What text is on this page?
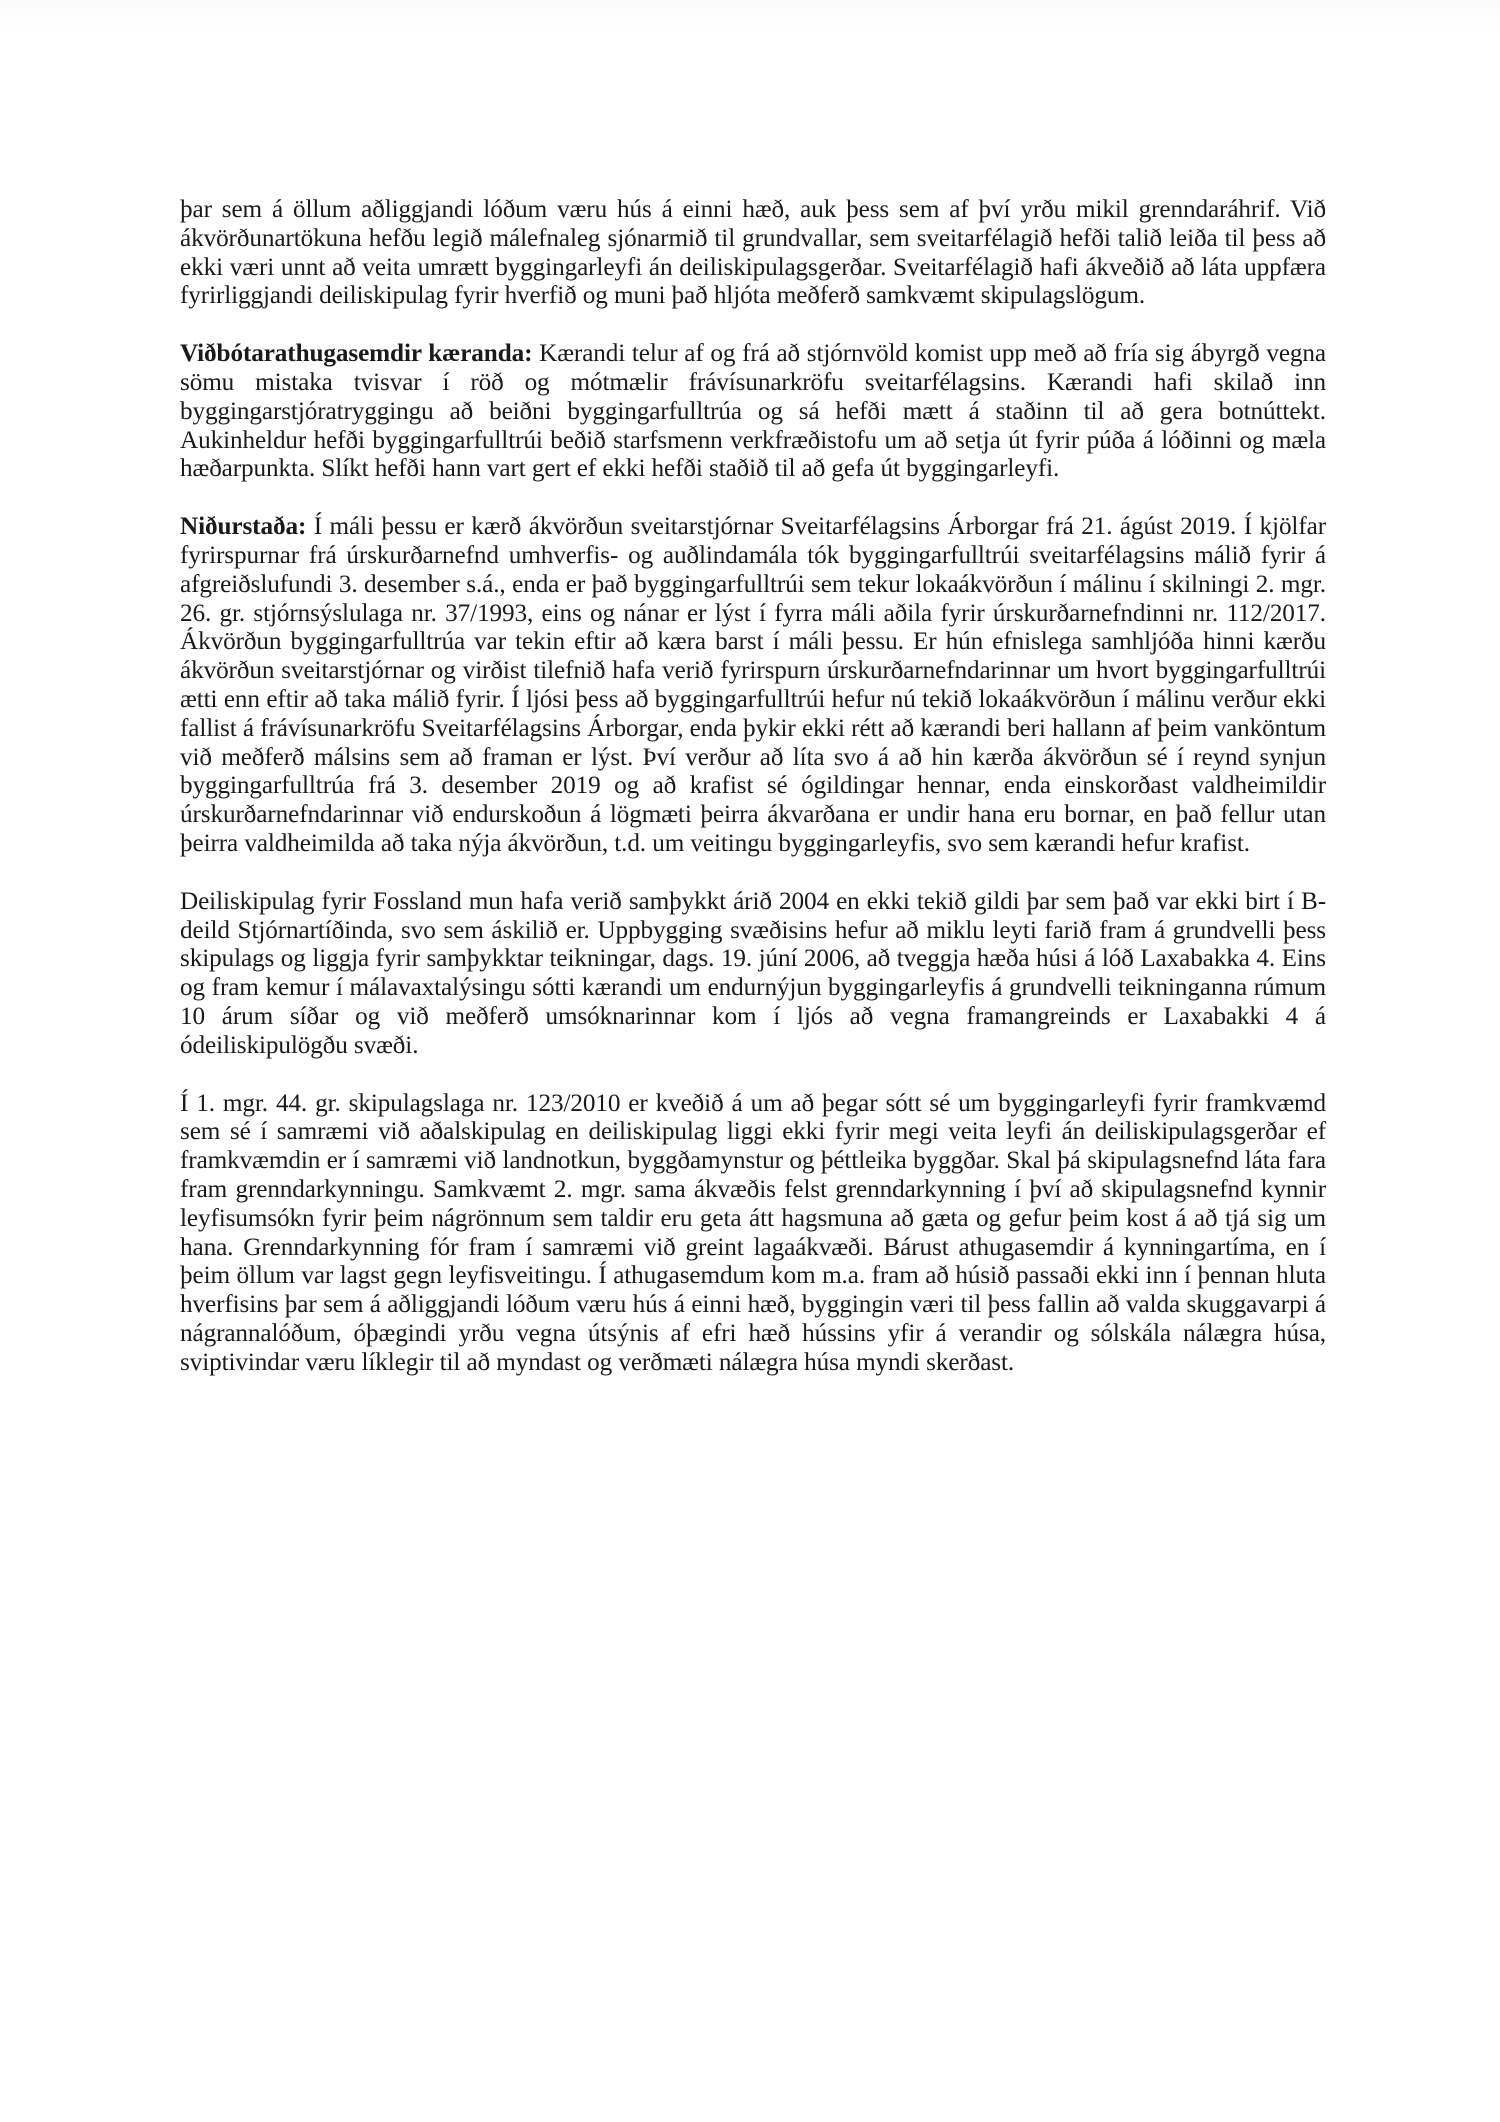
þar sem á öllum aðliggjandi lóðum væru hús á einni hæð, auk þess sem af því yrðu mikil grenndaráhrif. Við ákvörðunartökuna hefðu legið málefnaleg sjónarmið til grundvallar, sem sveitarfélagið hefði talið leiða til þess að ekki væri unnt að veita umrætt byggingarleyfi án deiliskipulagsgerðar. Sveitarfélagið hafi ákveðið að láta uppfæra fyrirliggjandi deiliskipulag fyrir hverfið og muni það hljóta meðferð samkvæmt skipulagslögum.

Viðbótarathugasemdir kæranda: Kærandi telur af og frá að stjórnvöld komist upp með að fría sig ábyrgð vegna sömu mistaka tvisvar í röð og mótmælir frávísunarkröfu sveitarfélagsins. Kærandi hafi skilað inn byggingarstjóratryggingu að beiðni byggingarfulltrúa og sá hefði mætt á staðinn til að gera botnúttekt. Aukinheldur hefði byggingarfulltrúi beðið starfsmenn verkfræðistofu um að setja út fyrir púða á lóðinni og mæla hæðarpunkta. Slíkt hefði hann vart gert ef ekki hefði staðið til að gefa út byggingarleyfi.

Niðurstaða: Í máli þessu er kærð ákvörðun sveitarstjórnar Sveitarfélagsins Árborgar frá 21. ágúst 2019. Í kjölfar fyrirspurnar frá úrskurðarnefnd umhverfis- og auðlindamála tók byggingarfulltrúi sveitarfélagsins málið fyrir á afgreiðslufundi 3. desember s.á., enda er það byggingarfulltrúi sem tekur lokaákvörðun í málinu í skilningi 2. mgr. 26. gr. stjórnsýslulaga nr. 37/1993, eins og nánar er lýst í fyrra máli aðila fyrir úrskurðarnefndinni nr. 112/2017. Ákvörðun byggingarfulltrúa var tekin eftir að kæra barst í máli þessu. Er hún efnislega samhljóða hinni kærðu ákvörðun sveitarstjórnar og virðist tilefnið hafa verið fyrirspurn úrskurðarnefndarinnar um hvort byggingarfulltrúi ætti enn eftir að taka málið fyrir. Í ljósi þess að byggingarfulltrúi hefur nú tekið lokaákvörðun í málinu verður ekki fallist á frávísunarkröfu Sveitarfélagsins Árborgar, enda þykir ekki rétt að kærandi beri hallann af þeim vanköntum við meðferð málsins sem að framan er lýst. Því verður að líta svo á að hin kærða ákvörðun sé í reynd synjun byggingarfulltrúa frá 3. desember 2019 og að krafist sé ógildingar hennar, enda einskorðast valdheimildir úrskurðarnefndarinnar við endurskoðun á lögmæti þeirra ákvarðana er undir hana eru bornar, en það fellur utan þeirra valdheimilda að taka nýja ákvörðun, t.d. um veitingu byggingarleyfis, svo sem kærandi hefur krafist.

Deiliskipulag fyrir Fossland mun hafa verið samþykkt árið 2004 en ekki tekið gildi þar sem það var ekki birt í B-deild Stjórnartíðinda, svo sem áskilið er. Uppbygging svæðisins hefur að miklu leyti farið fram á grundvelli þess skipulags og liggja fyrir samþykktar teikningar, dags. 19. júní 2006, að tveggja hæða húsi á lóð Laxabakka 4. Eins og fram kemur í málavaxtalýsingu sótti kærandi um endurnýjun byggingarleyfis á grundvelli teikninganna rúmum 10 árum síðar og við meðferð umsóknarinnar kom í ljós að vegna framangreinds er Laxabakki 4 á ódeiliskipulögðu svæði.

Í 1. mgr. 44. gr. skipulagslaga nr. 123/2010 er kveðið á um að þegar sótt sé um byggingarleyfi fyrir framkvæmd sem sé í samræmi við aðalskipulag en deiliskipulag liggi ekki fyrir megi veita leyfi án deiliskipulagsgerðar ef framkvæmdin er í samræmi við landnotkun, byggðamynstur og þéttleika byggðar. Skal þá skipulagsnefnd láta fara fram grenndarkynningu. Samkvæmt 2. mgr. sama ákvæðis felst grenndarkynning í því að skipulagsnefnd kynnir leyfisumsókn fyrir þeim nágrönnum sem taldir eru geta átt hagsmuna að gæta og gefur þeim kost á að tjá sig um hana. Grenndarkynning fór fram í samræmi við greint lagaákvæði. Bárust athugasemdir á kynningartíma, en í þeim öllum var lagst gegn leyfisveitingu. Í athugasemdum kom m.a. fram að húsið passaði ekki inn í þennan hluta hverfisins þar sem á aðliggjandi lóðum væru hús á einni hæð, byggingin væri til þess fallin að valda skuggavarpi á nágrannalóðum, óþægindi yrðu vegna útsýnis af efri hæð hússins yfir á verandir og sólskála nálægra húsa, sviptivindar væru líklegir til að myndast og verðmæti nálægra húsa myndi skerðast.
